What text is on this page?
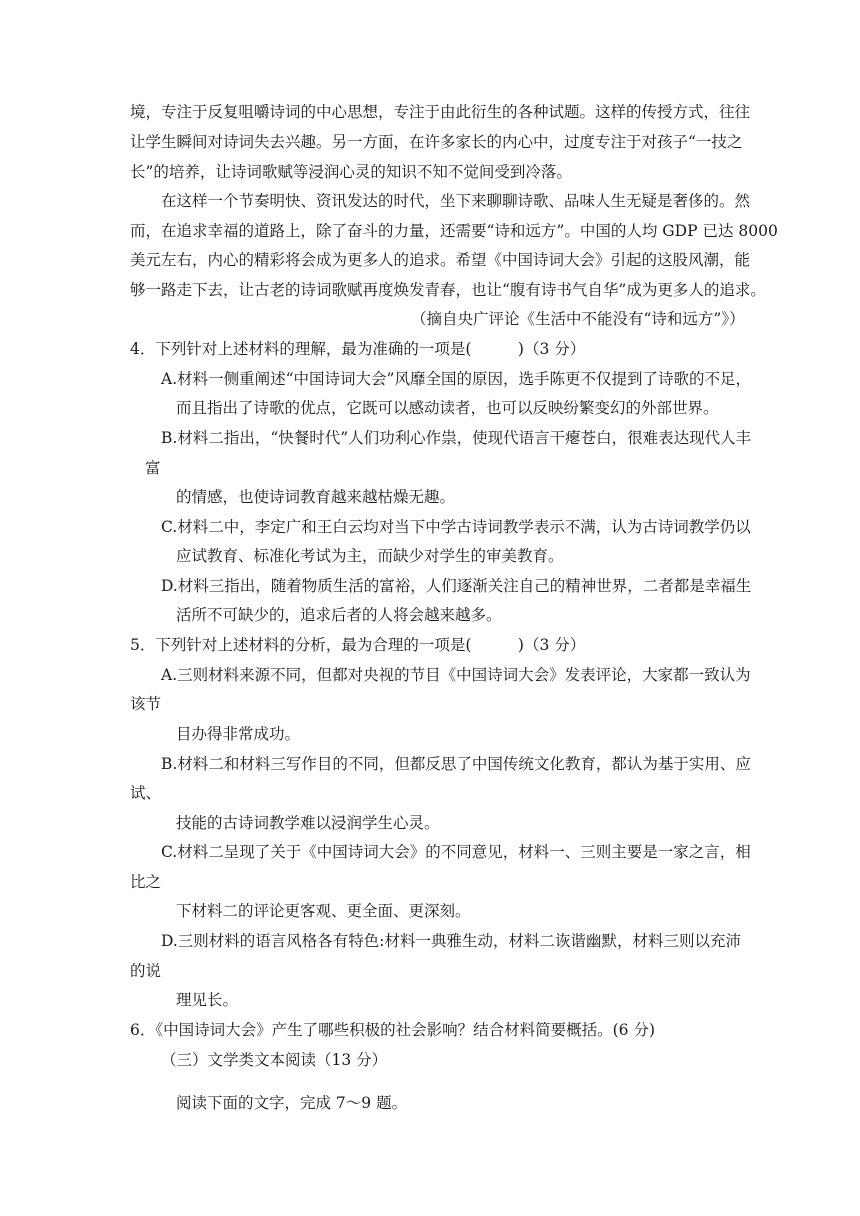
境，专注于反复咀嚼诗词的中心思想，专注于由此衍生的各种试题。这样的传授方式，往往

让学生瞬间对诗词失去兴趣。另一方面，在许多家长的内心中，过度专注于对孩子“一技之

长”的培养，让诗词歌赋等浸润心灵的知识不知不觉间受到冷落。

在这样一个节奏明快、资讯发达的时代，坐下来聊聊诗歌、品味人生无疑是奢侈的。然

而，在追求幸福的道路上，除了奋斗的力量，还需要“诗和远方”。中国的人均 GDP 已达 8000

美元左右，内心的精彩将会成为更多人的追求。希望《中国诗词大会》引起的这股风潮，能

够一路走下去，让古老的诗词歌赋再度焕发青春，也让“腹有诗书气自华”成为更多人的追求。

（摘自央广评论《生活中不能没有“诗和远方”》）

4．下列针对上述材料的理解，最为准确的一项是(　　　)（3 分）

A.材料一侧重阐述“中国诗词大会”风靡全国的原因，选手陈更不仅提到了诗歌的不足，

而且指出了诗歌的优点，它既可以感动读者，也可以反映纷繁变幻的外部世界。

B.材料二指出，“快餐时代”人们功利心作祟，使现代语言干瘪苍白，很难表达现代人丰

富

的情感，也使诗词教育越来越枯燥无趣。

C.材料二中，李定广和王白云均对当下中学古诗词教学表示不满，认为古诗词教学仍以

应试教育、标准化考试为主，而缺少对学生的审美教育。

D.材料三指出，随着物质生活的富裕，人们逐渐关注自己的精神世界，二者都是幸福生

活所不可缺少的，追求后者的人将会越来越多。

5．下列针对上述材料的分析，最为合理的一项是(　　　)（3 分）

A.三则材料来源不同，但都对央视的节目《中国诗词大会》发表评论，大家都一致认为

该节

目办得非常成功。

B.材料二和材料三写作目的不同，但都反思了中国传统文化教育，都认为基于实用、应

试、

技能的古诗词教学难以浸润学生心灵。

C.材料二呈现了关于《中国诗词大会》的不同意见，材料一、三则主要是一家之言，相

比之

下材料二的评论更客观、更全面、更深刻。

D.三则材料的语言风格各有特色:材料一典雅生动，材料二诙谐幽默，材料三则以充沛

的说

理见长。

6．《中国诗词大会》产生了哪些积极的社会影响？结合材料简要概括。(6 分)

（三）文学类文本阅读（13 分）

阅读下面的文字，完成 7～9 题。
